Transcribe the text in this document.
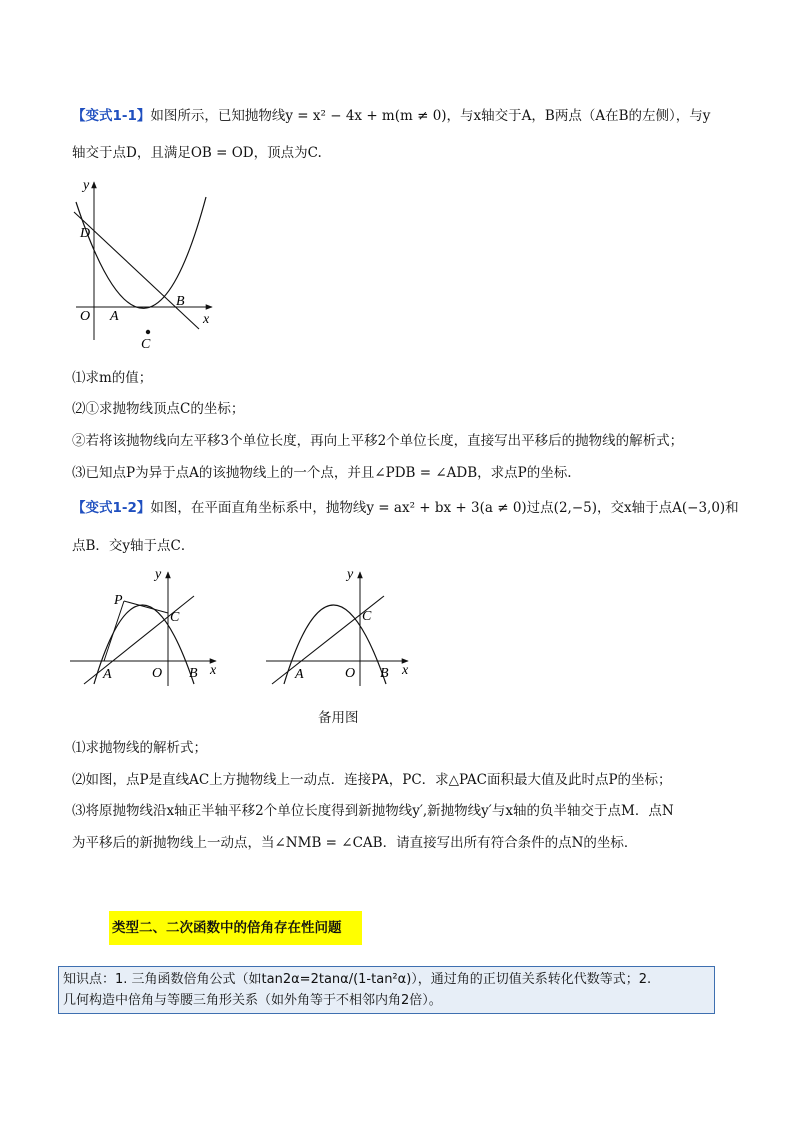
【变式1-1】如图所示，已知抛物线y = x² − 4x + m(m ≠ 0)，与x轴交于A，B两点（A在B的左侧），与y
轴交于点D，且满足OB = OD，顶点为C.
y
x
D
O A
B
C
⑴求m的值；
⑵①求抛物线顶点C的坐标；
②若将该抛物线向左平移3个单位长度，再向上平移2个单位长度，直接写出平移后的抛物线的解析式；
⑶已知点P为异于点A的该抛物线上的一个点，并且∠PDB = ∠ADB，求点P的坐标.
【变式1-2】如图，在平面直角坐标系中，抛物线y = ax² + bx + 3(a ≠ 0)过点(2,−5)，交x轴于点A(−3,0)和
点B．交y轴于点C．
y
x
P
C
A	O B
y
x
C
A	O B
备用图
⑴求抛物线的解析式；
⑵如图，点P是直线AC上方抛物线上一动点．连接PA，PC．求△PAC面积最大值及此时点P的坐标；
⑶将原抛物线沿x轴正半轴平移2个单位长度得到新抛物线y′,新抛物线y′与x轴的负半轴交于点M．点N
为平移后的新抛物线上一动点，当∠NMB = ∠CAB．请直接写出所有符合条件的点N的坐标．
类型二、二次函数中的倍角存在性问题
知识点：1. 三角函数倍角公式（如tan2α=2tanα/(1-tan²α)），通过角的正切值关系转化代数等式；2.
几何构造中倍角与等腰三角形关系（如外角等于不相邻内角2倍）。
